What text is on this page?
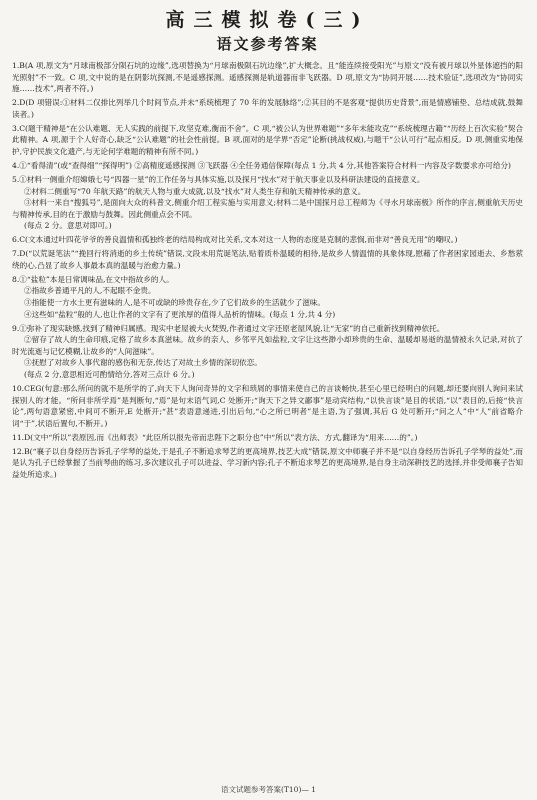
高三模拟卷(三)
语文参考答案

1.B(A 项,原文为“月球南极部分陨石坑的边缘”,选项替换为“月球南极陨石坑边缘”,扩大概念。且“能连续接受阳光”与原文“没有被月球以外星体遮挡的阳光照射”不一致。C 项,文中说的是在阴影坑探测,不是遥感探测。遥感探测是轨道器而非飞跃器。D 项,原文为“协同开展……技术验证”,选项改为“协同实施……技术”,两者不符。)

2.D(D 项错误:①材料二仅排比列举几个时间节点,并未“系统梳理了 70 年的发展脉络”;②其目的不是客观“提供历史背景”,而是情感铺垫、总结成就,鼓舞读者。)

3.C(题干精神是“在公认难题、无人实践的前提下,攻坚克难,衡而不舍”。C 项,“被公认为世界难题”“多年未能攻克”“系统梳理古籍”“历经上百次实验”契合此精神。A 项,源于个人好奇心,缺乏“公认难题”的社会性前提。B 项,面对的是学界“否定”论断(挑战权威),与题干“公认可行”起点相反。D 项,侧重实地保护,守护民族文化遗产,与无论何学难题的精神有所不同。)

4.①“看得清”(或“查得细”“探得明”) ②高精度遥感探测 ③飞跃器 ④全任务通信保障(每点 1 分,共 4 分,其他答案符合材料一内容及字数要求亦可给分)

5.①材料一侧重介绍嫦娥七号“四器一星”的工作任务与具体实施,以及探月“找水”对于航天事业以及科研法建设的直接意义。

②材料二侧重写“70 年航天路”的航天人物与重大成就,以及“找水”对人类生存和航天精神传承的意义。

③材料一来自“搜狐号”,是面向大众的科普文,侧重介绍工程实施与实用意义;材料二是中国探月总工程师为《寻水月球南极》所作的序言,侧重航天历史与精神传承,目的在于激励与鼓舞。因此侧重点会不同。

(每点 2 分。意思对即可。)

6.C(文本通过叶四花爷爷的善良温情和孤独终老的结局构成对比关系,文本对这一人物的态度是克制的悲悯,而非对“善良无用”的嘲叹。)

7.D(“以荒诞笔法”“挽回行将消逝的乡土传统”错误,文段未用荒诞笔法,贴着质朴温暖的相待,是故乡人情温情的具象体现,慰藉了作者困家园逝去、乡愁萦绕的心,凸显了故乡人事最本真的温暖与治愈力量。)

8.①“盐粒”本是日常调味品,在文中指故乡的人。

②指故乡普通平凡的人,不起眼不金贵。

③指能使一方水土更有滋味的人,是不可或缺的珍贵存在,少了它们故乡的生活就少了滋味。

④这些如“盐粒”般的人,也让作者的文字有了更浓厚的值得人品析的情味。(每点 1 分,共 4 分)

9.①弥补了现实缺憾,找到了精神归属感。现实中老屋被大火焚毁,作者通过文字还原老屋风貌,让“无家”的自己重新找到精神依托。

②留存了故人的生命印痕,定格了故乡本真滋味。故乡的亲人、乡邻平凡如盐粒,文字让这些渺小却珍贵的生命、温暖却易逝的温情被永久记录,对抗了时光流逝与记忆模糊,让故乡的“人间滋味”。

③抚慰了对故乡人事代谢的感伤和无奈,传达了对故土乡情的深切依恋。

(每点 2 分,意思相近可酌情给分,答对三点计 6 分。)

10.CEG(句意:那么所问的就不是所学的了,向天下人询问奇异的文字和琐屑的事情来使自己的言谈畅快,甚至心里已经明白的问题,却还要向别人询问来试探别人的才能。“所问非所学焉”是判断句,“焉”是句末语气词,C 处断开;“询天下之异文鄙事”是动宾结构,“以快言谈”是目的状语,“以”表目的,后接“快言论”,两句语意紧密,中间可不断开,E 处断开;“甚”表语意递进,引出后句,“心之所已明者”是主语,为了强调,其后 G 处可断开;“问之人”中“人”前省略介词“于”,状语后置句,不断开。)

11.D(文中“所以”表原因,而《出师表》“此臣所以报先帝而忠陛下之职分也”中“所以”表方法、方式,翻译为“用来……的”。)

12.B(“襄子以自身经历告诉孔子学琴的益处,于是孔子不断追求琴艺的更高境界,技艺大成”错误,原文中师襄子并不是“以自身经历告诉孔子学琴的益处”,而是认为孔子已经掌握了当前琴曲的练习,多次建议孔子可以进益、学习新内容;孔子不断追求琴艺的更高境界,是自身主动深耕技艺的选择,并非受师襄子告知益处所追求。)

语文试题参考答案(T10)— 1
